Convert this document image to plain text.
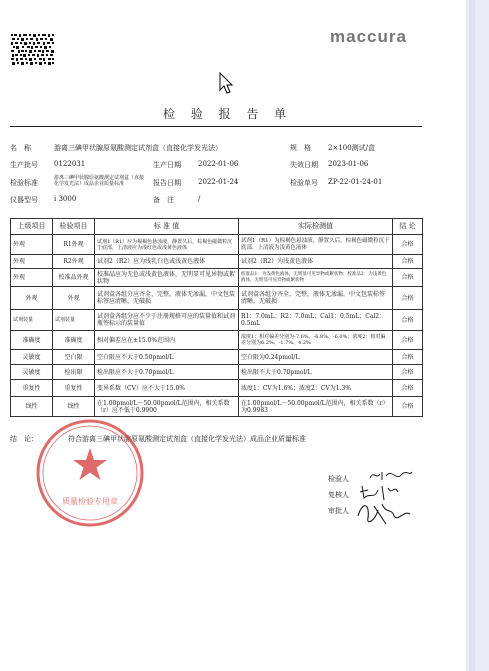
maccura
检 验 报 告 单
名　称	游离三碘甲状腺原氨酸测定试剂盒（直接化学发光法）	规　格 2×100测试/盒
生产批号 0122031	生产日期 2022-01-06	失效日期 2023-01-06
检验标准
游离三碘甲状腺原氨酸测定试剂盒（直接化学发光法）成品企业质量标准	报告日期 2022-01-24	检验单号 ZP-22-01-24-01
仪器型号 i 3000	备　注	/
上级项目	检验项目	标 准 值	实际检测值	结 论
外观	R1外观	试剂1（R1）应为褐褐色悬浊液，静置久后，棕褐色磁微粒沉于底部，上清液应为浅红色或浅黄色液体	试剂1（R1）为棕褐色悬浊液，静置久后，棕褐色磁微粒沉于底部，上清液为浅黄色液体	合格
外观	R2外观	试剂2（R2）应为浅乳白色或浅黄色液体	试剂2（R2）为浅黄色液体	合格
外观	校准品外观	校准品应为无色或浅黄色液体，无明显可见异物或絮状物	校准品1：为浅黄色液体，无明显可见异物或絮状物；校准品2：为浅黄色液体，无明显可见异物或絮状物	合格
外观	外观	试剂盒各组分应齐全、完整，液体无渗漏，中文包装标签应清晰，无破损	试剂盒各组分齐全、完整，液体无渗漏，中文包装标签清晰，无破损	合格
试剂装量	试剂装量	试剂盒各组分应不少于注册规格可应的装量值和试剂瓶签标示的装量值	R1：7.0mL；R2：7.0mL；Cal1：0.5mL；Cal2：0.5mL	合格
准确度	准确度	相对偏差应在±15.0%范围内	浓度1：相对偏差分别为-7.6%、-6.8%、-6.0%；浓度2：相对偏差分别为6.2%、-1.7%、4.2%	合格
灵敏度	空白限	空白限应不大于0.50pmol/L	空白限为0.24pmol/L	合格
灵敏度	检出限	检出限应不大于0.70pmol/L	检出限不大于0.70pmol/L	合格
重复性	重复性	变异系数（CV）应不大于15.0%	浓度1：CV为1.6%；浓度2：CV为1.3%	合格
线性	线性	在1.00pmol/L～50.00pmol/L范围内，相关系数（r）应不低于0.9900	在1.00pmol/L～50.00pmol/L范围内，相关系数（r）为0.9983	合格
结　论：	符合游离三碘甲状腺原氨酸测定试剂盒（直接化学发光法）成品企业质量标准
质量检验专用章
检验人
复核人
审批人
